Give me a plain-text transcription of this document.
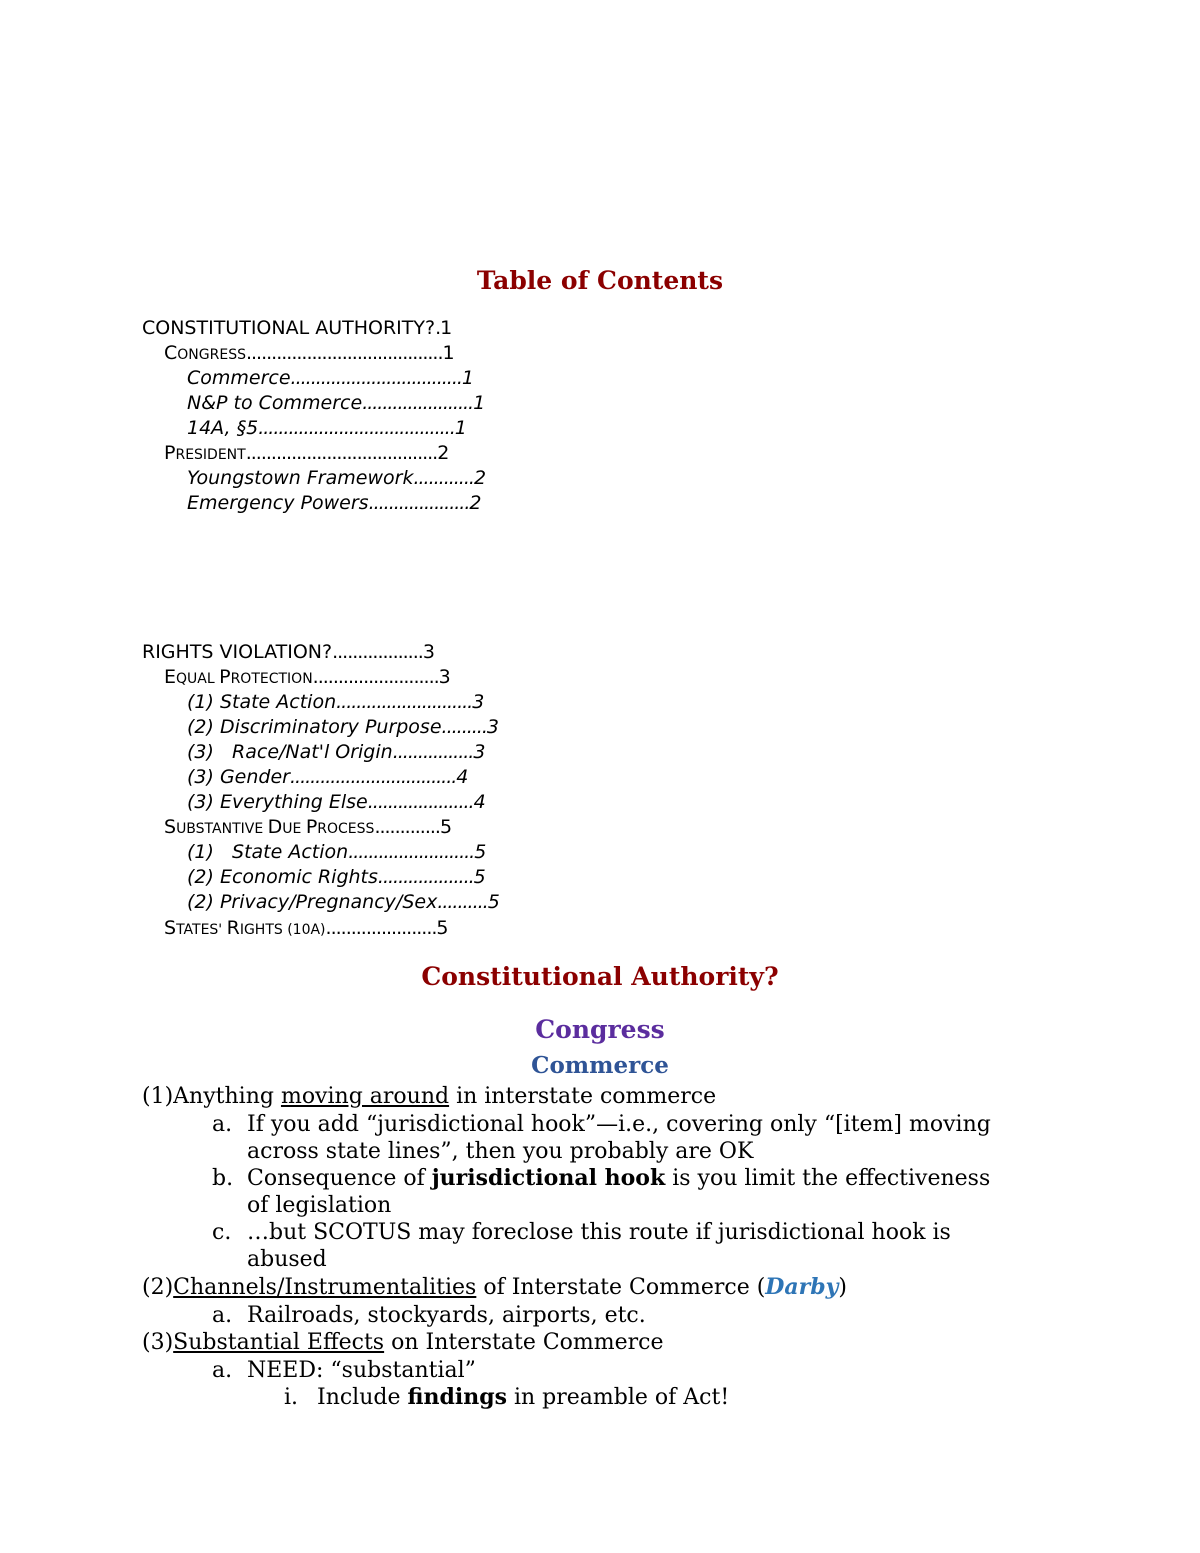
Table of Contents
CONSTITUTIONAL AUTHORITY?.1
CONGRESS.......................................1
Commerce..................................1
N&P to Commerce......................1
14A, §5.......................................1
PRESIDENT......................................2
Youngstown Framework............2
Emergency Powers....................2
RIGHTS VIOLATION?..................3
EQUAL PROTECTION.........................3
(1) State Action...........................3
(2) Discriminatory Purpose.........3
(3)   Race/Nat'l Origin................3
(3) Gender.................................4
(3) Everything Else.....................4
SUBSTANTIVE DUE PROCESS.............5
(1)   State Action.........................5
(2) Economic Rights...................5
(2) Privacy/Pregnancy/Sex..........5
STATES' RIGHTS (10A)......................5
Constitutional Authority?
Congress
Commerce
(1)Anything moving around in interstate commerce
a. If you add “jurisdictional hook”—i.e., covering only “[item] moving
across state lines”, then you probably are OK
b. Consequence of jurisdictional hook is you limit the effectiveness
of legislation
c. …but SCOTUS may foreclose this route if jurisdictional hook is
abused
(2)Channels/Instrumentalities of Interstate Commerce (Darby)
a. Railroads, stockyards, airports, etc.
(3)Substantial Effects on Interstate Commerce
a. NEED: “substantial”
i. Include findings in preamble of Act!
